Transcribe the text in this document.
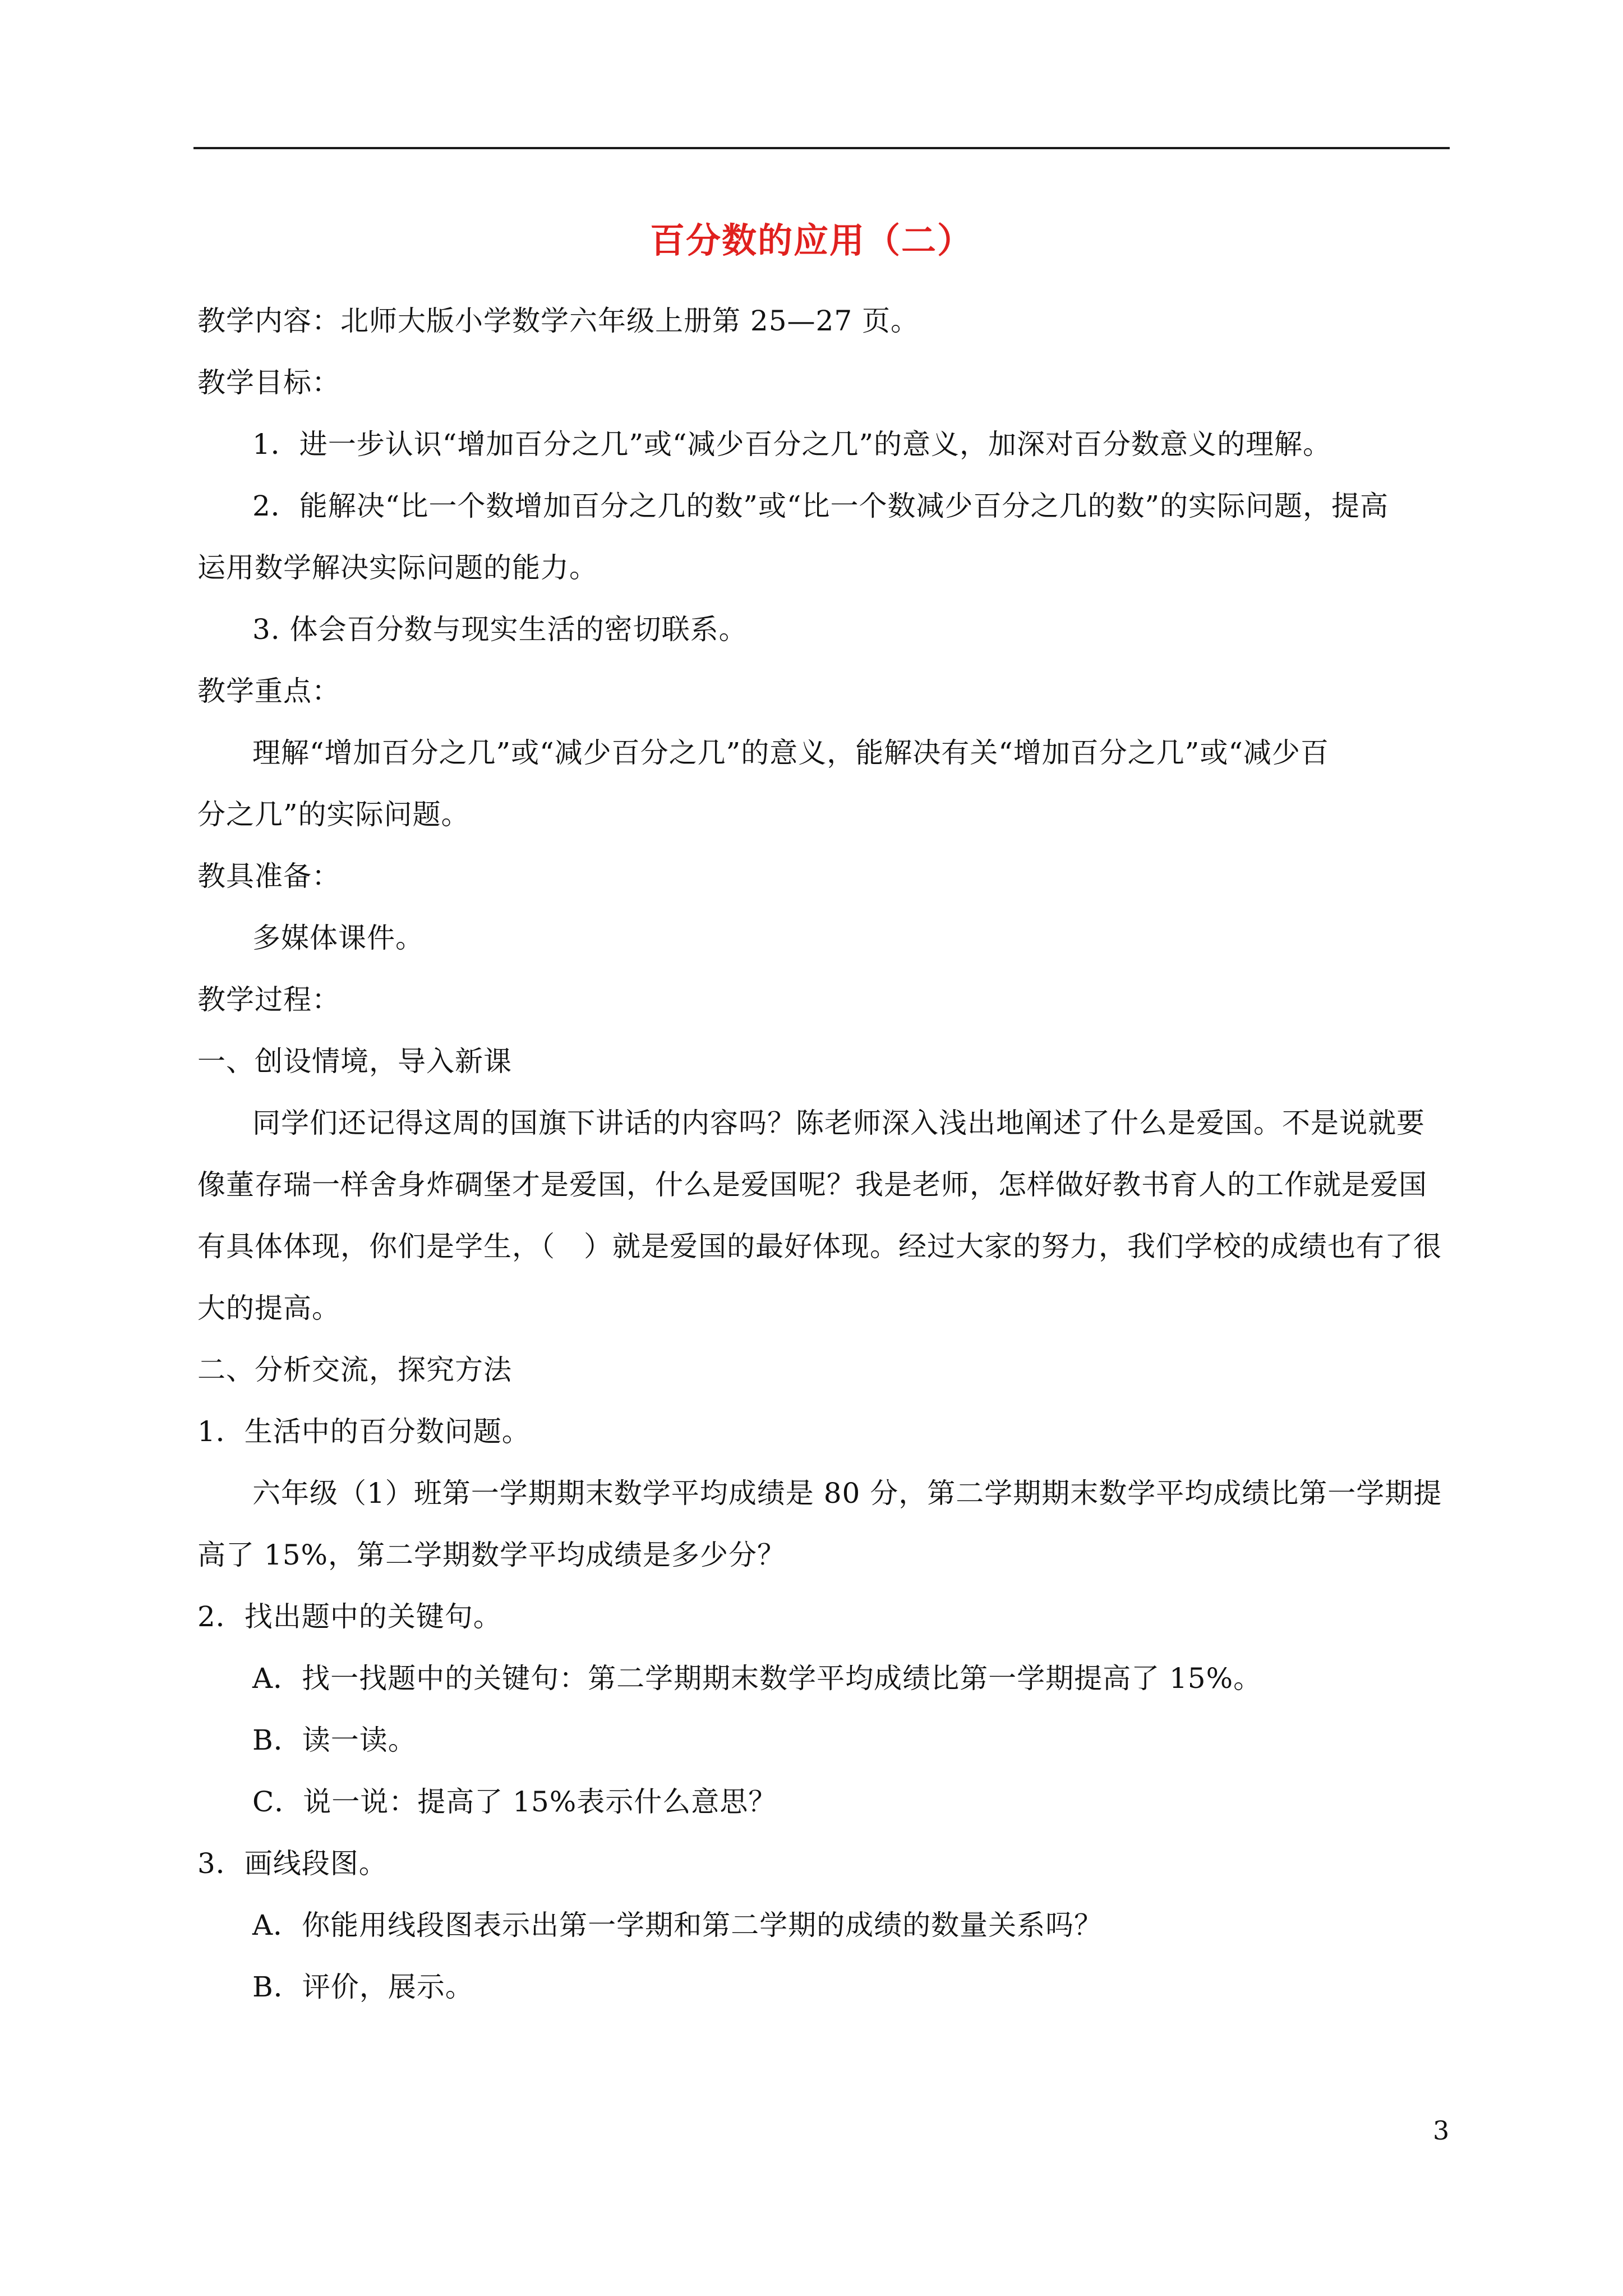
百分数的应用（二）
教学内容：北师大版小学数学六年级上册第 25—27 页。
教学目标：
1．进一步认识“增加百分之几”或“减少百分之几”的意义，加深对百分数意义的理解。
2．能解决“比一个数增加百分之几的数”或“比一个数减少百分之几的数”的实际问题，提高
运用数学解决实际问题的能力。
3. 体会百分数与现实生活的密切联系。
教学重点：
理解“增加百分之几”或“减少百分之几”的意义，能解决有关“增加百分之几”或“减少百
分之几”的实际问题。
教具准备：
多媒体课件。
教学过程：
一、创设情境，导入新课
同学们还记得这周的国旗下讲话的内容吗？陈老师深入浅出地阐述了什么是爱国。不是说就要
像董存瑞一样舍身炸碉堡才是爱国，什么是爱国呢？我是老师，怎样做好教书育人的工作就是爱国
有具体体现，你们是学生，（　）就是爱国的最好体现。经过大家的努力，我们学校的成绩也有了很
大的提高。
二、分析交流，探究方法
1．生活中的百分数问题。
六年级（1）班第一学期期末数学平均成绩是 80 分，第二学期期末数学平均成绩比第一学期提
高了 15%，第二学期数学平均成绩是多少分？
2．找出题中的关键句。
A．找一找题中的关键句：第二学期期末数学平均成绩比第一学期提高了 15%。
B．读一读。
C．说一说：提高了 15%表示什么意思？
3．画线段图。
A．你能用线段图表示出第一学期和第二学期的成绩的数量关系吗？
B．评价，展示。
3
